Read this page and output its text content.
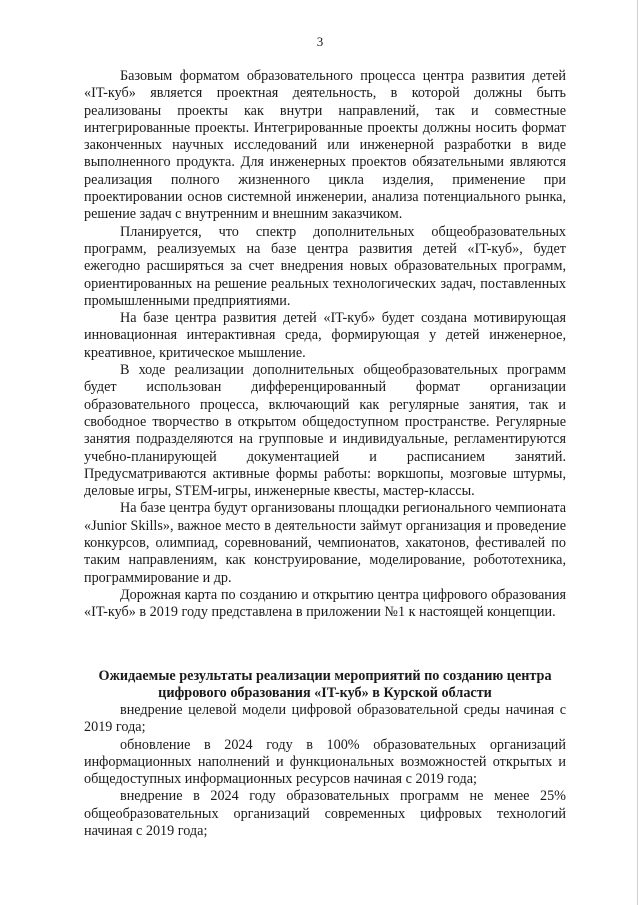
3

Базовым форматом образовательного процесса центра развития детей «IT-куб» является проектная деятельность, в которой должны быть реализованы проекты как внутри направлений, так и совместные интегрированные проекты. Интегрированные проекты должны носить формат законченных научных исследований или инженерной разработки в виде выполненного продукта. Для инженерных проектов обязательными являются реализация полного жизненного цикла изделия, применение при проектировании основ системной инженерии, анализа потенциального рынка, решение задач с внутренним и внешним заказчиком.

Планируется, что спектр дополнительных общеобразовательных программ, реализуемых на базе центра развития детей «IT-куб», будет ежегодно расширяться за счет внедрения новых образовательных программ, ориентированных на решение реальных технологических задач, поставленных промышленными предприятиями.

На базе центра развития детей «IT-куб» будет создана мотивирующая инновационная интерактивная среда, формирующая у детей инженерное, креативное, критическое мышление.

В ходе реализации дополнительных общеобразовательных программ будет использован дифференцированный формат организации образовательного процесса, включающий как регулярные занятия, так и свободное творчество в открытом общедоступном пространстве. Регулярные занятия подразделяются на групповые и индивидуальные, регламентируются учебно-планирующей документацией и расписанием занятий. Предусматриваются активные формы работы: воркшопы, мозговые штурмы, деловые игры, STEM-игры, инженерные квесты, мастер-классы.

На базе центра будут организованы площадки регионального чемпионата «Junior Skills», важное место в деятельности займут организация и проведение конкурсов, олимпиад, соревнований, чемпионатов, хакатонов, фестивалей по таким направлениям, как конструирование, моделирование, робототехника, программирование и др.

Дорожная карта по созданию и открытию центра цифрового образования «IT-куб» в 2019 году представлена в приложении №1 к настоящей концепции.

Ожидаемые результаты реализации мероприятий по созданию центра цифрового образования «IT-куб» в Курской области

внедрение целевой модели цифровой образовательной среды начиная с 2019 года;

обновление в 2024 году в 100% образовательных организаций информационных наполнений и функциональных возможностей открытых и общедоступных информационных ресурсов начиная с 2019 года;

внедрение в 2024 году образовательных программ не менее 25% общеобразовательных организаций современных цифровых технологий начиная с 2019 года;
